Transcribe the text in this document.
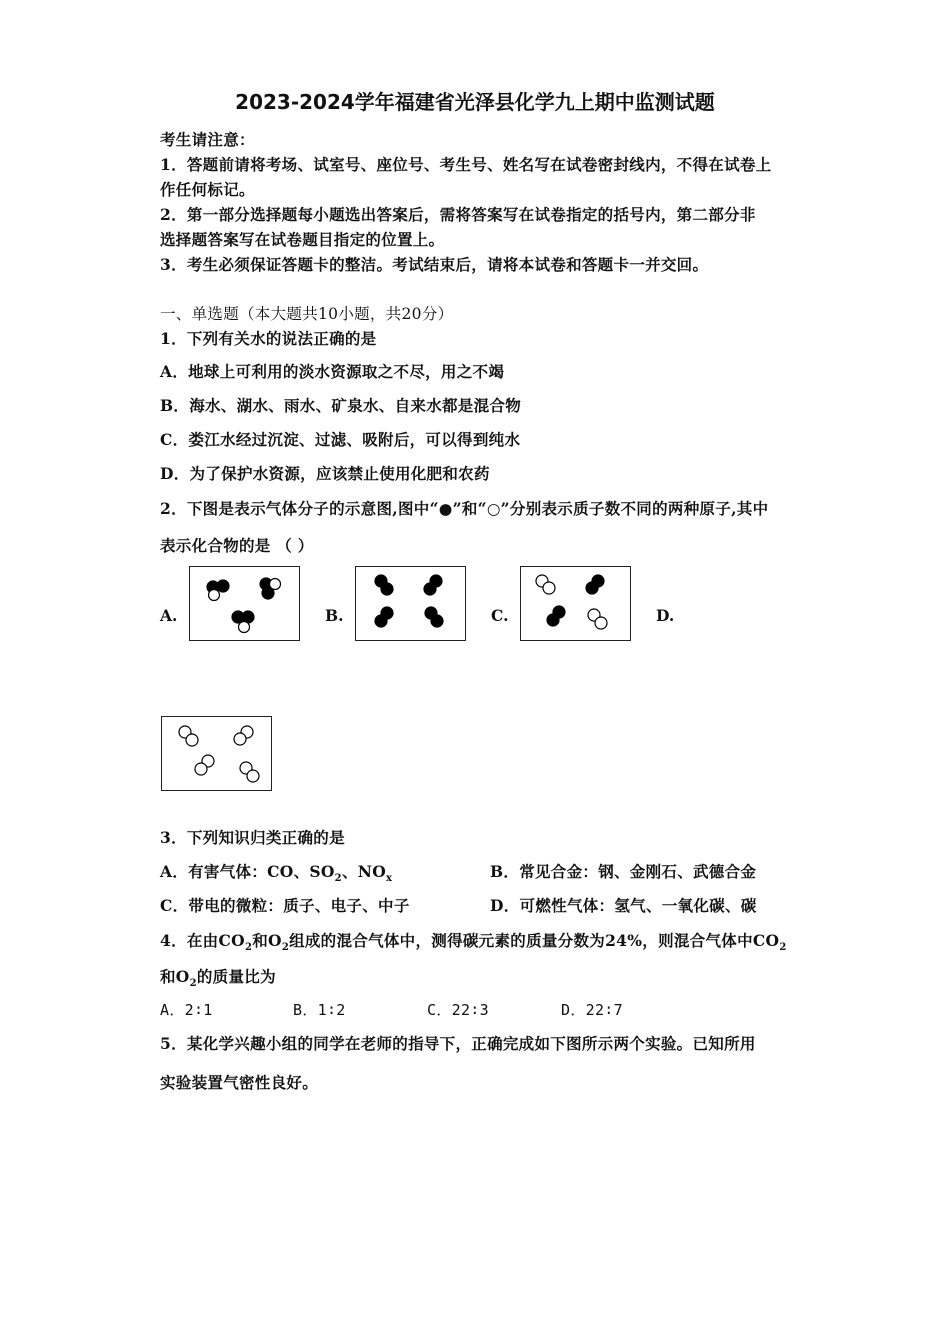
2023-2024学年福建省光泽县化学九上期中监测试题
考生请注意：
1．答题前请将考场、试室号、座位号、考生号、姓名写在试卷密封线内，不得在试卷上
作任何标记。
2．第一部分选择题每小题选出答案后，需将答案写在试卷指定的括号内，第二部分非
选择题答案写在试卷题目指定的位置上。
3．考生必须保证答题卡的整洁。考试结束后，请将本试卷和答题卡一并交回。
一、单选题（本大题共10小题，共20分）
1．下列有关水的说法正确的是
A．地球上可利用的淡水资源取之不尽，用之不竭
B．海水、湖水、雨水、矿泉水、自来水都是混合物
C．娄江水经过沉淀、过滤、吸附后，可以得到纯水
D．为了保护水资源，应该禁止使用化肥和农药
2．下图是表示气体分子的示意图,图中“●”和“○”分别表示质子数不同的两种原子,其中
表示化合物的是 （ ）
A.	B.	C.	D.
3．下列知识归类正确的是
A．有害气体：CO、$SO_2$、$NO_x$	B．常见合金：钢、金刚石、武德合金
C．带电的微粒：质子、电子、中子	D．可燃性气体：氢气、一氧化碳、碳
4．在由$CO_2$和$O_2$组成的混合气体中，测得碳元素的质量分数为24%，则混合气体中$CO_2$
和$O_2$的质量比为
A．2∶1	B．1∶2	C．22∶3	D．22∶7
5．某化学兴趣小组的同学在老师的指导下，正确完成如下图所示两个实验。已知所用
实验装置气密性良好。
